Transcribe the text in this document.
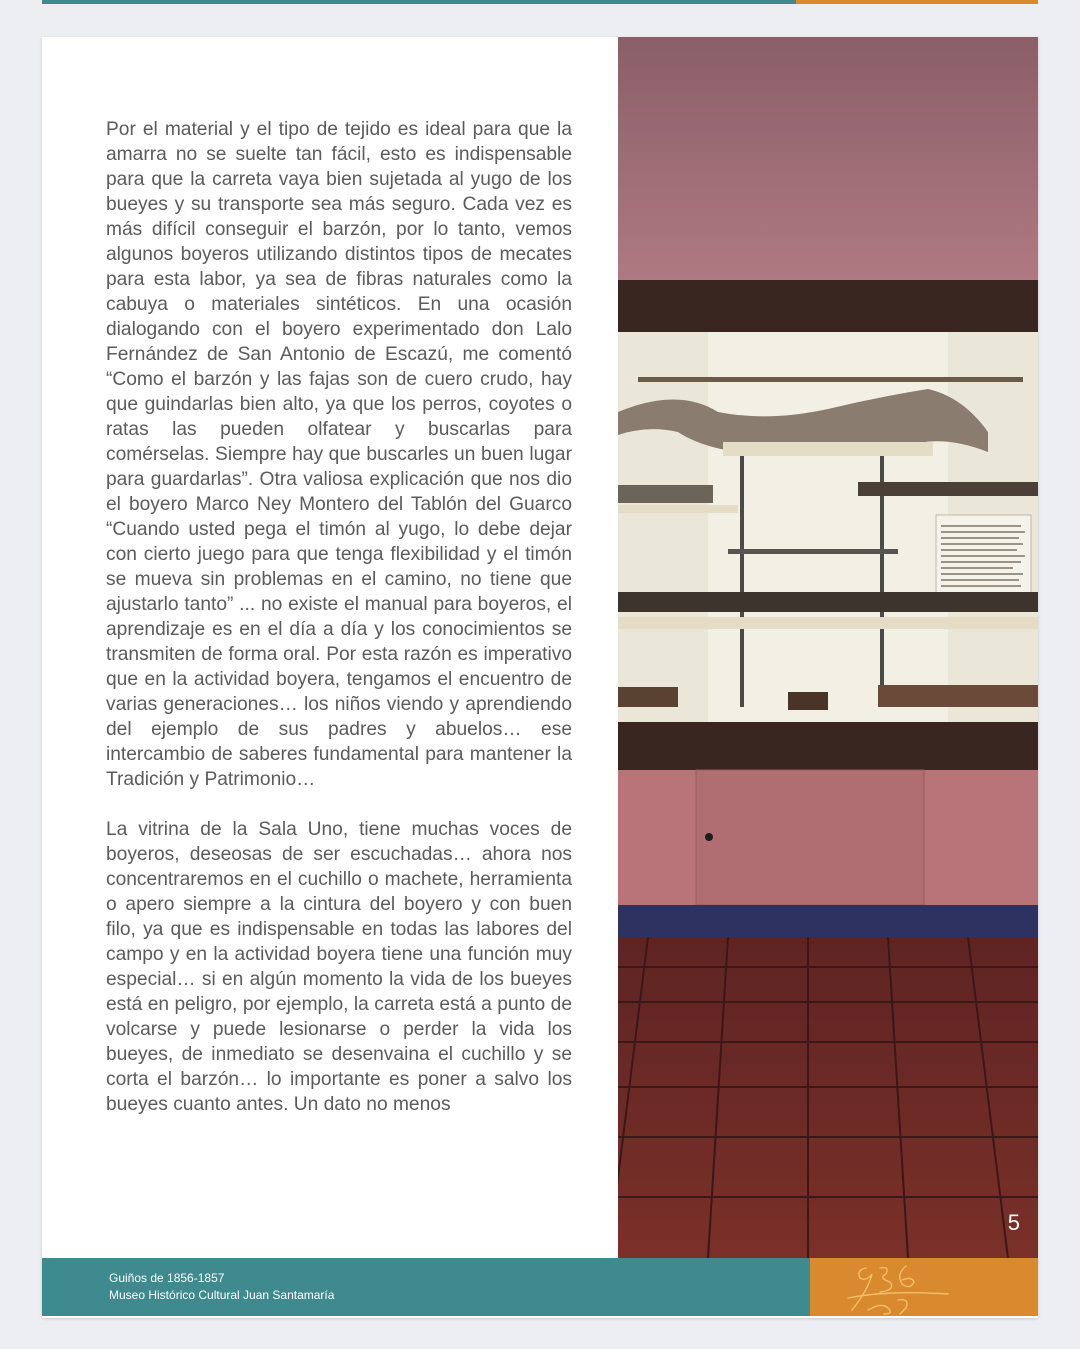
Por el material y el tipo de tejido es ideal para que la amarra no se suelte tan fácil, esto es indispensable para que la carreta vaya bien sujetada al yugo de los bueyes y su transporte sea más seguro. Cada vez es más difícil conseguir el barzón, por lo tanto, vemos algunos boyeros utilizando distintos tipos de mecates para esta labor, ya sea de fibras naturales como la cabuya o materiales sintéticos. En una ocasión dialogando con el boyero experimentado don Lalo Fernández de San Antonio de Escazú, me comentó “Como el barzón y las fajas son de cuero crudo, hay que guindarlas bien alto, ya que los perros, coyotes o ratas las pueden olfatear y buscarlas para comérselas. Siempre hay que buscarles un buen lugar para guardarlas”. Otra valiosa explicación que nos dio el boyero Marco Ney Montero del Tablón del Guarco “Cuando usted pega el timón al yugo, lo debe dejar con cierto juego para que tenga flexibilidad y el timón se mueva sin problemas en el camino, no tiene que ajustarlo tanto” ... no existe el manual para boyeros, el aprendizaje es en el día a día y los conocimientos se transmiten de forma oral. Por esta razón es imperativo que en la actividad boyera, tengamos el encuentro de varias generaciones… los niños viendo y aprendiendo del ejemplo de sus padres y abuelos… ese intercambio de saberes fundamental para mantener la Tradición y Patrimonio…

La vitrina de la Sala Uno, tiene muchas voces de boyeros, deseosas de ser escuchadas… ahora nos concentraremos en el cuchillo o machete, herramienta o apero siempre a la cintura del boyero y con buen filo, ya que es indispensable en todas las labores del campo y en la actividad boyera tiene una función muy especial… si en algún momento la vida de los bueyes está en peligro, por ejemplo, la carreta está a punto de volcarse y puede lesionarse o perder la vida los bueyes, de inmediato se desenvaina el cuchillo y se corta el barzón… lo importante es poner a salvo los bueyes cuanto antes. Un dato no menos

5
Guiños de 1856-1857
Museo Histórico Cultural Juan Santamaría
